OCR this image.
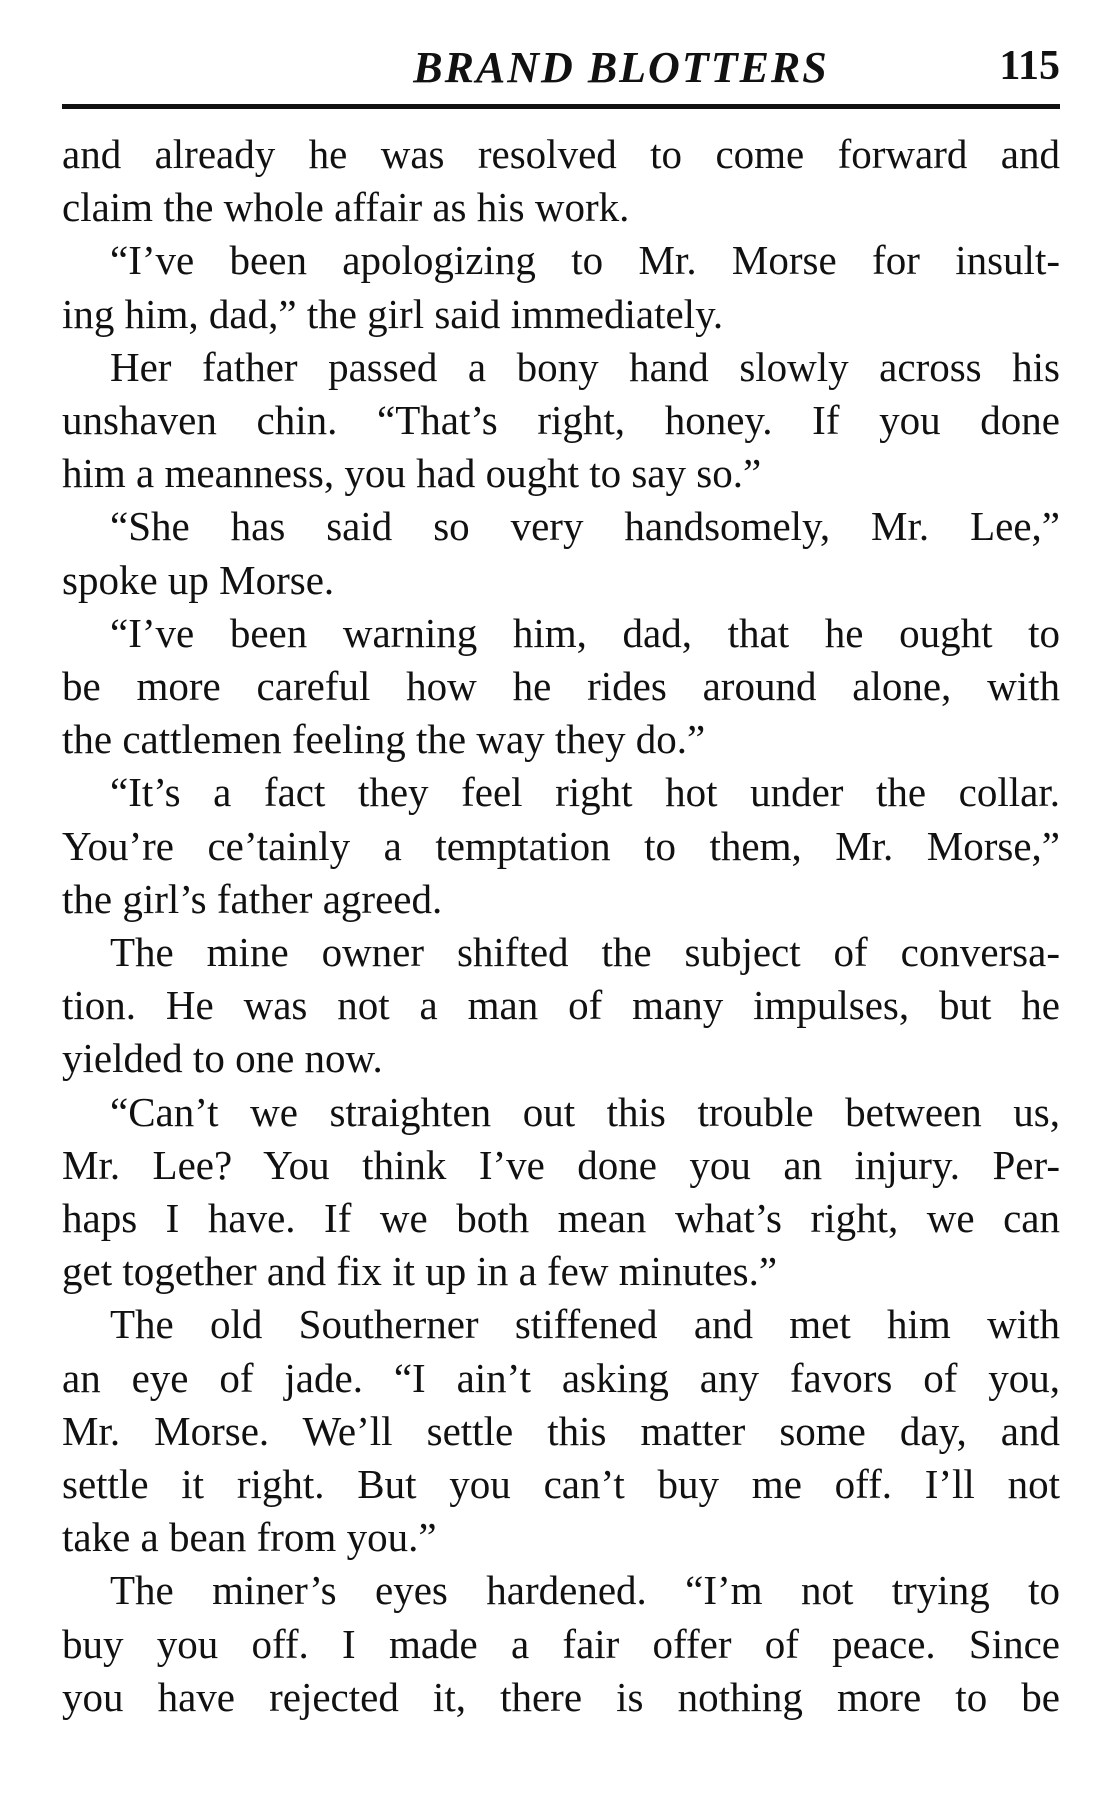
BRAND BLOTTERS	115

and already he was resolved to come forward and

claim the whole affair as his work.

“I’ve been apologizing to Mr. Morse for insult-

ing him, dad,” the girl said immediately.

Her father passed a bony hand slowly across his

unshaven chin. “That’s right, honey. If you done

him a meanness, you had ought to say so.”

“She has said so very handsomely, Mr. Lee,”

spoke up Morse.

“I’ve been warning him, dad, that he ought to

be more careful how he rides around alone, with

the cattlemen feeling the way they do.”

“It’s a fact they feel right hot under the collar.

You’re ce’tainly a temptation to them, Mr. Morse,”

the girl’s father agreed.

The mine owner shifted the subject of conversa-

tion. He was not a man of many impulses, but he

yielded to one now.

“Can’t we straighten out this trouble between us,

Mr. Lee? You think I’ve done you an injury. Per-

haps I have. If we both mean what’s right, we can

get together and fix it up in a few minutes.”

The old Southerner stiffened and met him with

an eye of jade. “I ain’t asking any favors of you,

Mr. Morse. We’ll settle this matter some day, and

settle it right. But you can’t buy me off. I’ll not

take a bean from you.”

The miner’s eyes hardened. “I’m not trying to

buy you off. I made a fair offer of peace. Since

you have rejected it, there is nothing more to be
